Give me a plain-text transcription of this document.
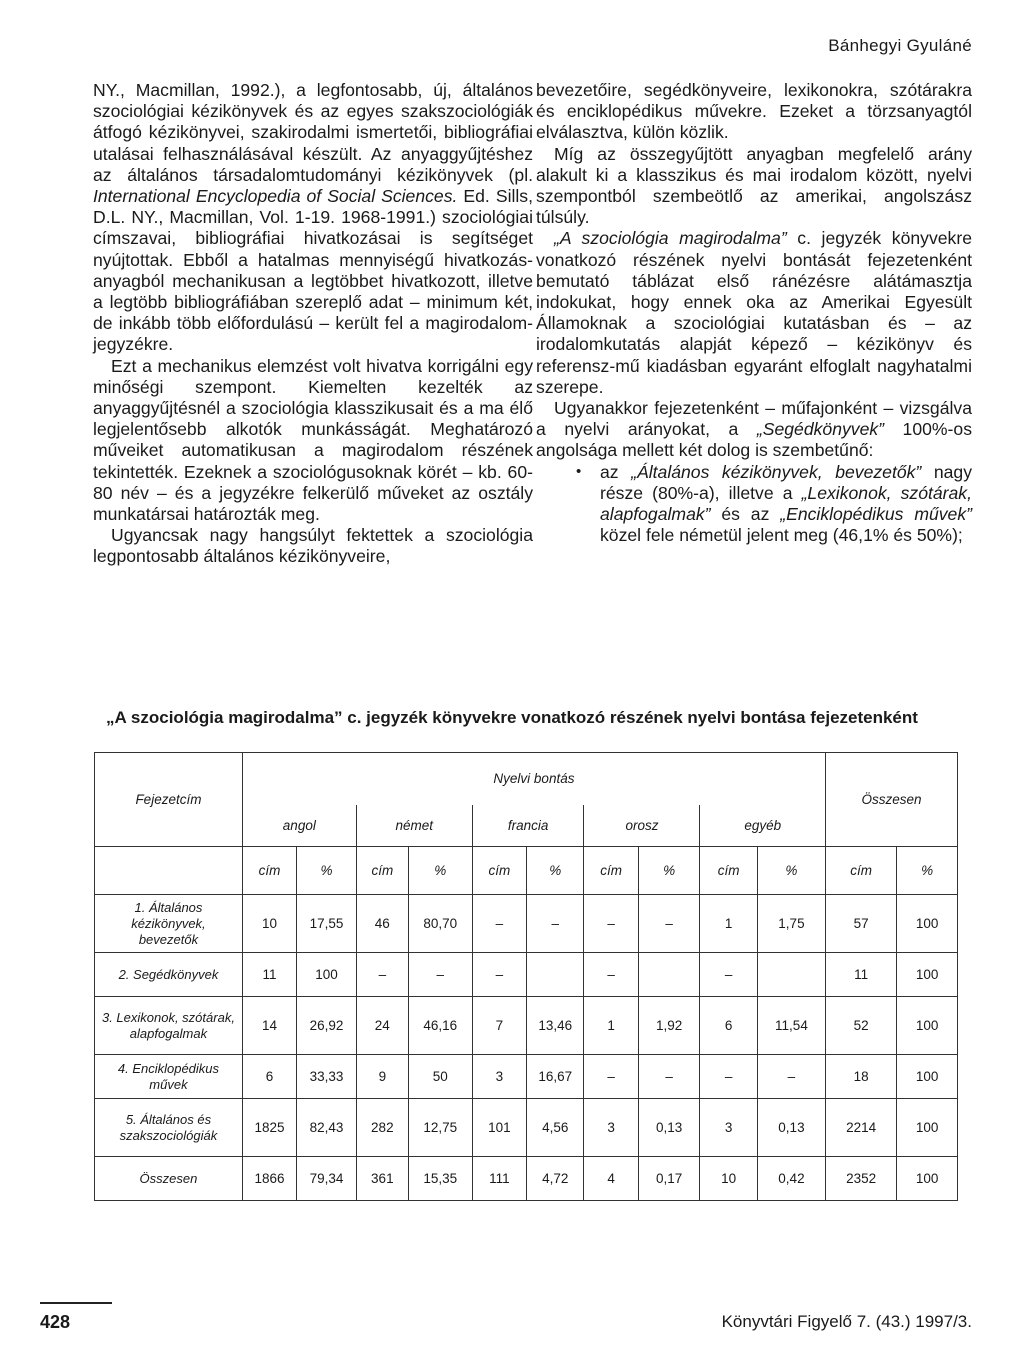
Bánhegyi Gyuláné

NY., Macmillan, 1992.), a legfontosabb, új, általános szociológiai kézikönyvek és az egyes szakszociológiák átfogó kézikönyvei, szakirodalmi ismertetői, bibliográfiai utalásai felhasználásával készült. Az anyaggyűjtéshez az általános társadalomtudományi kézikönyvek (pl. International Encyclopedia of Social Sciences. Ed. Sills, D.L. NY., Macmillan, Vol. 1-19. 1968-1991.) szociológiai címszavai, bibliográfiai hivatkozásai is segítséget nyújtottak. Ebből a hatalmas mennyiségű hivatkozás-anyagból mechanikusan a legtöbbet hivatkozott, illetve a legtöbb bibliográfiában szereplő adat – minimum két, de inkább több előfordulású – került fel a magirodalom-jegyzékre.

Ezt a mechanikus elemzést volt hivatva korrigálni egy minőségi szempont. Kiemelten kezelték az anyaggyűjtésnél a szociológia klasszikusait és a ma élő legjelentősebb alkotók munkásságát. Meghatározó műveiket automatikusan a magirodalom részének tekintették. Ezeknek a szociológusoknak körét – kb. 60-80 név – és a jegyzékre felkerülő műveket az osztály munkatársai határozták meg.

Ugyancsak nagy hangsúlyt fektettek a szociológia legpontosabb általános kézikönyveire,

bevezetőire, segédkönyveire, lexikonokra, szótárakra és enciklopédikus művekre. Ezeket a törzsanyagtól elválasztva, külön közlik.

Míg az összegyűjtött anyagban megfelelő arány alakult ki a klasszikus és mai irodalom között, nyelvi szempontból szembeötlő az amerikai, angolszász túlsúly.

„A szociológia magirodalma” c. jegyzék könyvekre vonatkozó részének nyelvi bontását fejezetenként bemutató táblázat első ránézésre alátámasztja indokukat, hogy ennek oka az Amerikai Egyesült Államoknak a szociológiai kutatásban és – az irodalomkutatás alapját képező – kézikönyv és referensz-mű kiadásban egyaránt elfoglalt nagyhatalmi szerepe.

Ugyanakkor fejezetenként – műfajonként – vizsgálva a nyelvi arányokat, a „Segédkönyvek” 100%-os angolsága mellett két dolog is szembetűnő:

• az „Általános kézikönyvek, bevezetők” nagy része (80%-a), illetve a „Lexikonok, szótárak, alapfogalmak” és az „Enciklopédikus művek” közel fele németül jelent meg (46,1% és 50%);
„A szociológia magirodalma” c. jegyzék könyvekre vonatkozó részének nyelvi bontása fejezetenként
Fejezetcím	Nyelvi bontás										Összesen	
	angol		német		francia		orosz		egyéb			
	cím	%	cím	%	cím	%	cím	%	cím	%	cím	%
1. Általános kézikönyvek,
bevezetők	10	17,55	46	80,70	–	–	–	–	1	1,75	57	100
2. Segédkönyvek	11	100	–	–	–		–		–		11	100
3. Lexikonok, szótárak,
alapfogalmak	14	26,92	24	46,16	7	13,46	1	1,92	6	11,54	52	100
4. Enciklopédikus művek	6	33,33	9	50	3	16,67	–	–	–	–	18	100
5. Általános és
szakszociológiák	1825	82,43	282	12,75	101	4,56	3	0,13	3	0,13	2214	100
Összesen	1866	79,34	361	15,35	111	4,72	4	0,17	10	0,42	2352	100
428	Könyvtári Figyelő 7. (43.) 1997/3.
